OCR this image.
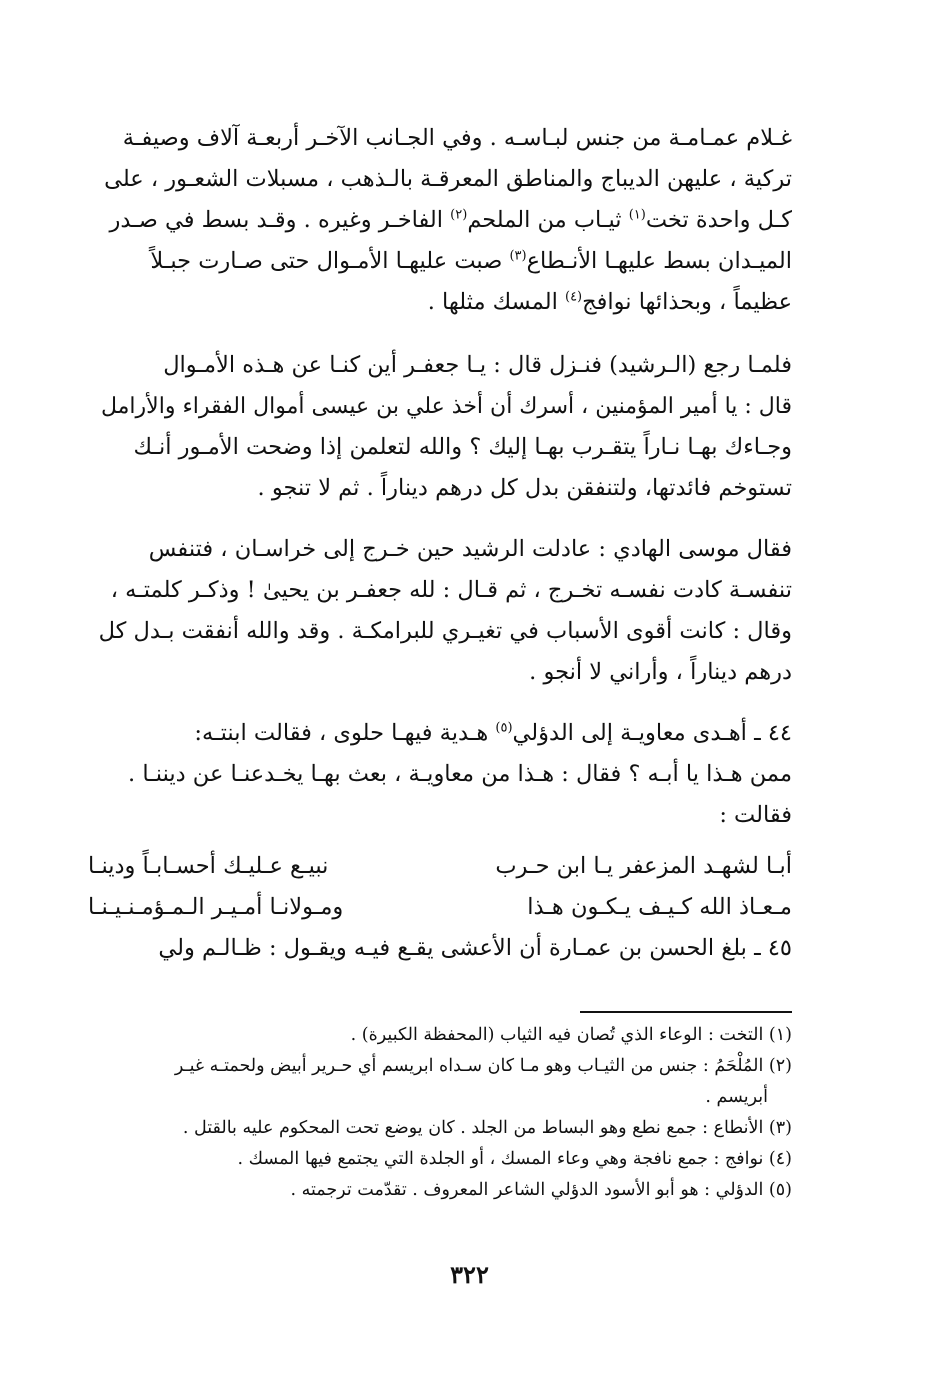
غـلام عمـامـة من جنس لبـاسـه . وفي الجـانب الآخـر أربعـة آلاف وصيفـة
تركية ، عليهن الديباج والمناطق المعرقـة بالـذهب ، مسبلات الشعـور ، على
كـل واحدة تخت$^{(١)}$ ثيـاب من الملحم$^{(٢)}$ الفاخـر وغيره . وقـد بسط في صـدر
الميـدان بسط عليهـا الأنـطاع$^{(٣)}$ صبت عليهـا الأمـوال حتى صـارت جبـلاً
عظيماً ، وبحذائها نوافج$^{(٤)}$ المسك مثلها .

فلمـا رجع (الـرشيد) فنـزل قال : يـا جعفـر أين كنـا عن هـذه الأمـوال
قال : يا أمير المؤمنين ، أسرك أن أخذ علي بن عيسى أموال الفقراء والأرامل
وجـاءك بهـا نـاراً يتقـرب بهـا إليك ؟ والله لتعلمن إذا وضحت الأمـور أنـك
تستوخم فائدتها، ولتنفقن بدل كل درهم ديناراً . ثم لا تنجو .

فقال موسى الهادي : عادلت الرشيد حين خـرج إلى خراسـان ، فتنفس
تنفسـة كادت نفسـه تخـرج ، ثم قـال : لله جعفـر بن يحيىٰ ! وذكـر كلمتـه ،
وقال : كانت أقوى الأسباب في تغيـري للبرامكـة . وقد والله أنفقت بـدل كل
درهم ديناراً ، وأراني لا أنجو .

٤٤ ـ أهـدى معاويـة إلى الدؤلي$^{(٥)}$ هـدية فيهـا حلوى ، فقالت ابنتـه:
ممن هـذا يا أبـه ؟ فقال : هـذا من معاويـة ، بعث بهـا يخـدعنـا عن ديننـا .
فقالت :

أبـا لشهـد المزعفر يـا ابن حـرب
نبيـع عـليـك أحسـابـاً ودينـا
مـعـاذ الله كـيـف يـكـون هـذا
ومـولانـا أمـيـر الـمـؤمـنـيـنـا

٤٥ ـ بلغ الحسن بن عمـارة أن الأعشى يقـع فيـه ويقـول : ظـالـم ولي

(١) التخت : الوعاء الذي تُصان فيه الثياب (المحفظة الكبيرة) .

(٢) المُلْحَمُ : جنس من الثيـاب وهو مـا كان سـداه ابريسم أي حـرير أبيض ولحمتـه غيـر

أبريسم .

(٣) الأنطاع : جمع نطع وهو البساط من الجلد . كان يوضع تحت المحكوم عليه بالقتل .

(٤) نوافج : جمع نافجة وهي وعاء المسك ، أو الجلدة التي يجتمع فيها المسك .

(٥) الدؤلي : هو أبو الأسود الدؤلي الشاعر المعروف . تقدّمت ترجمته .

٣٢٢
